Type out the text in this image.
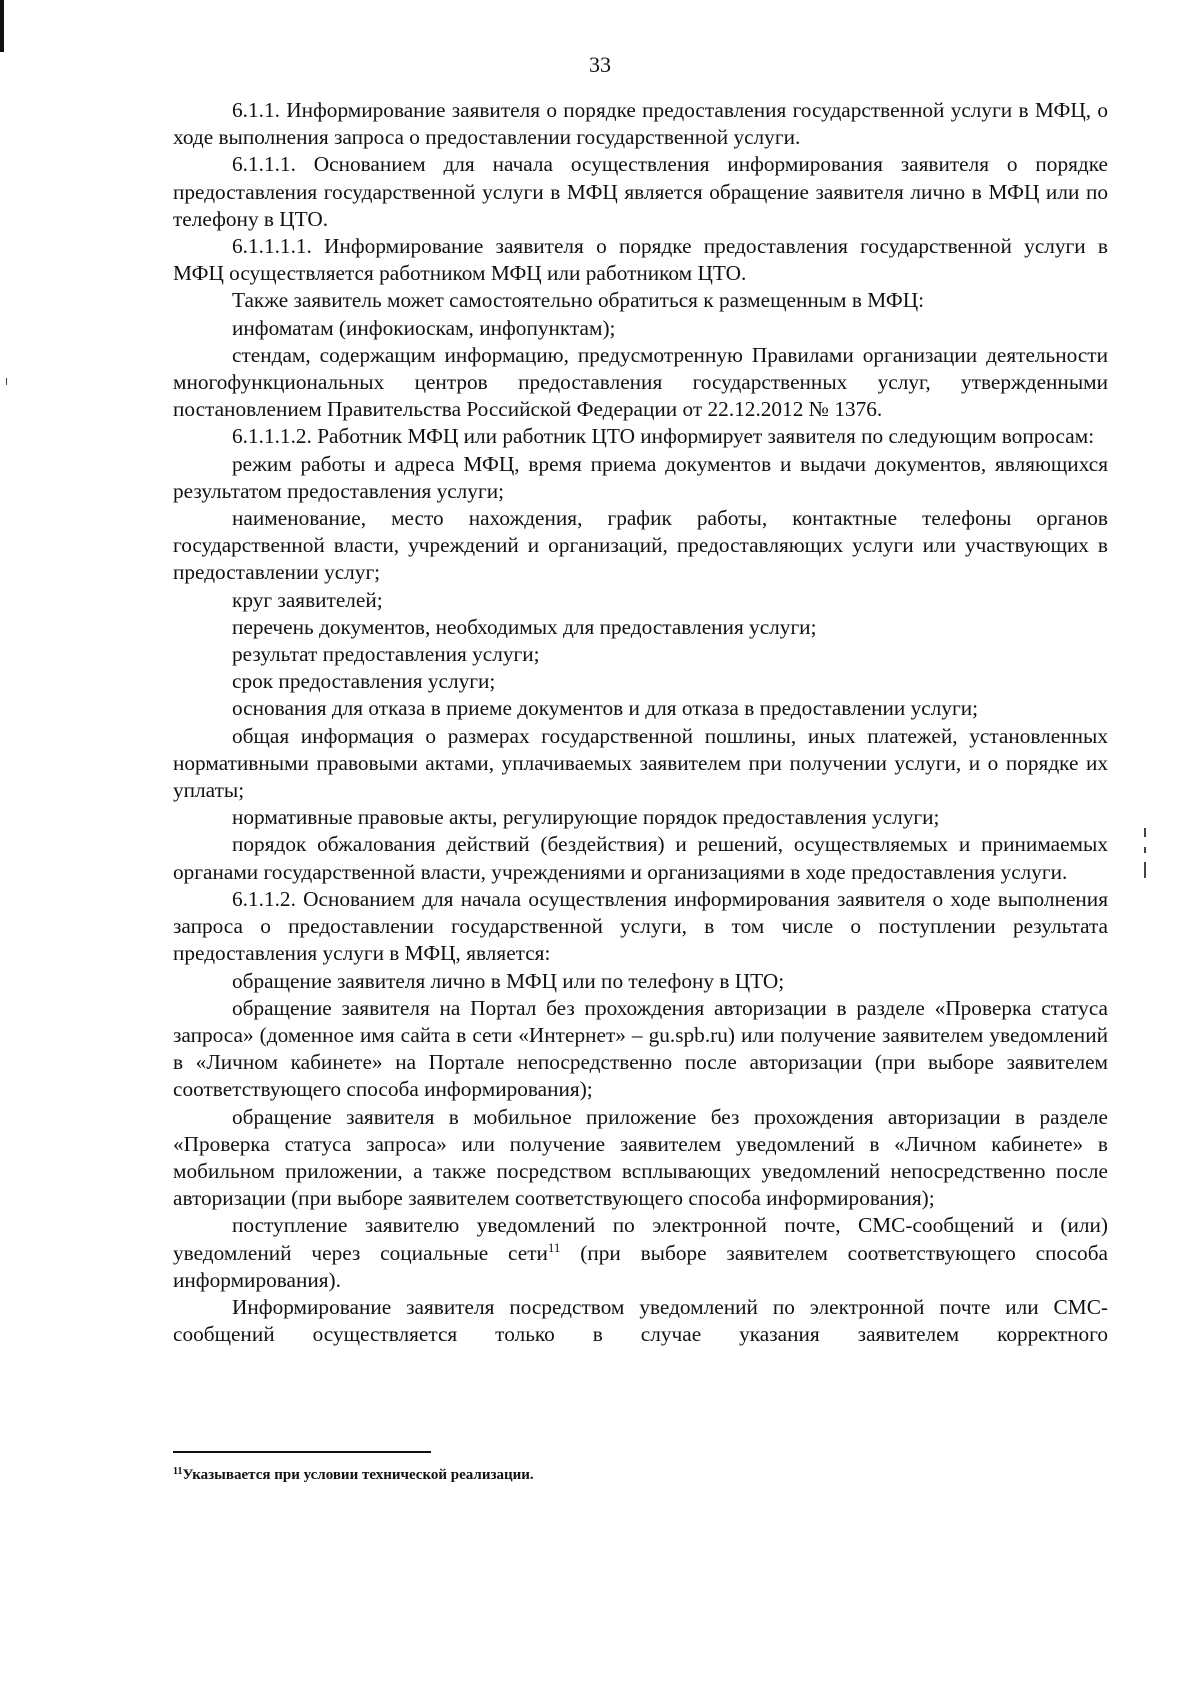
33

6.1.1. Информирование заявителя о порядке предоставления государственной услуги в МФЦ, о ходе выполнения запроса о предоставлении государственной услуги.

6.1.1.1. Основанием для начала осуществления информирования заявителя о порядке предоставления государственной услуги в МФЦ является обращение заявителя лично в МФЦ или по телефону в ЦТО.

6.1.1.1.1. Информирование заявителя о порядке предоставления государственной услуги в МФЦ осуществляется работником МФЦ или работником ЦТО.

Также заявитель может самостоятельно обратиться к размещенным в МФЦ:

инфоматам (инфокиоскам, инфопунктам);

стендам, содержащим информацию, предусмотренную Правилами организации деятельности многофункциональных центров предоставления государственных услуг, утвержденными постановлением Правительства Российской Федерации от 22.12.2012 № 1376.

6.1.1.1.2. Работник МФЦ или работник ЦТО информирует заявителя по следующим вопросам:

режим работы и адреса МФЦ, время приема документов и выдачи документов, являющихся результатом предоставления услуги;

наименование, место нахождения, график работы, контактные телефоны органов государственной власти, учреждений и организаций, предоставляющих услуги или участвующих в предоставлении услуг;

круг заявителей;

перечень документов, необходимых для предоставления услуги;

результат предоставления услуги;

срок предоставления услуги;

основания для отказа в приеме документов и для отказа в предоставлении услуги;

общая информация о размерах государственной пошлины, иных платежей, установленных нормативными правовыми актами, уплачиваемых заявителем при получении услуги, и о порядке их уплаты;

нормативные правовые акты, регулирующие порядок предоставления услуги;

порядок обжалования действий (бездействия) и решений, осуществляемых и принимаемых органами государственной власти, учреждениями и организациями в ходе предоставления услуги.

6.1.1.2. Основанием для начала осуществления информирования заявителя о ходе выполнения запроса о предоставлении государственной услуги, в том числе о поступлении результата предоставления услуги в МФЦ, является:

обращение заявителя лично в МФЦ или по телефону в ЦТО;

обращение заявителя на Портал без прохождения авторизации в разделе «Проверка статуса запроса» (доменное имя сайта в сети «Интернет» – gu.spb.ru) или получение заявителем уведомлений в «Личном кабинете» на Портале непосредственно после авторизации (при выборе заявителем соответствующего способа информирования);

обращение заявителя в мобильное приложение без прохождения авторизации в разделе «Проверка статуса запроса» или получение заявителем уведомлений в «Личном кабинете» в мобильном приложении, а также посредством всплывающих уведомлений непосредственно после авторизации (при выборе заявителем соответствующего способа информирования);

поступление заявителю уведомлений по электронной почте, СМС-сообщений и (или) уведомлений через социальные сети$^{11}$ (при выборе заявителем соответствующего способа информирования).

Информирование заявителя посредством уведомлений по электронной почте или СМС-сообщений осуществляется только в случае указания заявителем корректного

$^{11}$Указывается при условии технической реализации.
